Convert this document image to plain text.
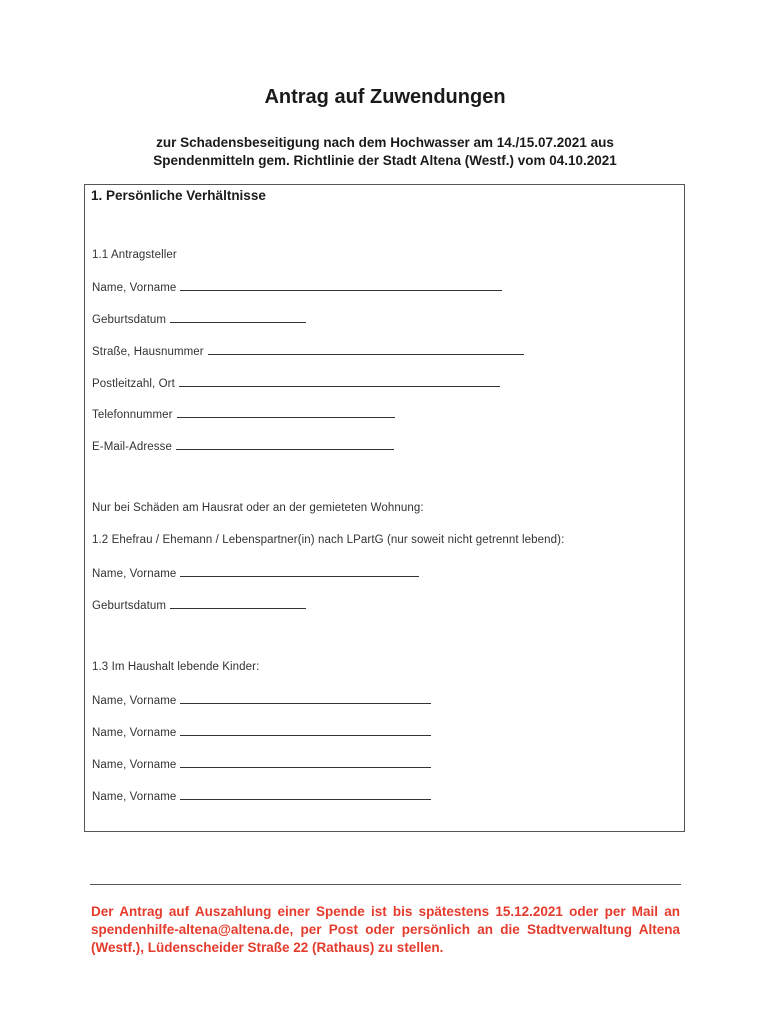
Antrag auf Zuwendungen
zur Schadensbeseitigung nach dem Hochwasser am 14./15.07.2021 aus
Spendenmitteln gem. Richtlinie der Stadt Altena (Westf.) vom 04.10.2021
1. Persönliche Verhältnisse
1.1 Antragsteller
Name, Vorname
Geburtsdatum
Straße, Hausnummer
Postleitzahl, Ort
Telefonnummer
E-Mail-Adresse
Nur bei Schäden am Hausrat oder an der gemieteten Wohnung:
1.2 Ehefrau / Ehemann / Lebenspartner(in) nach LPartG (nur soweit nicht getrennt lebend):
Name, Vorname
Geburtsdatum
1.3 Im Haushalt lebende Kinder:
Name, Vorname
Name, Vorname
Name, Vorname
Name, Vorname
Der Antrag auf Auszahlung einer Spende ist bis spätestens 15.12.2021 oder per Mail an spendenhilfe-altena@altena.de, per Post oder persönlich an die Stadtverwaltung Altena (Westf.), Lüdenscheider Straße 22 (Rathaus) zu stellen.
